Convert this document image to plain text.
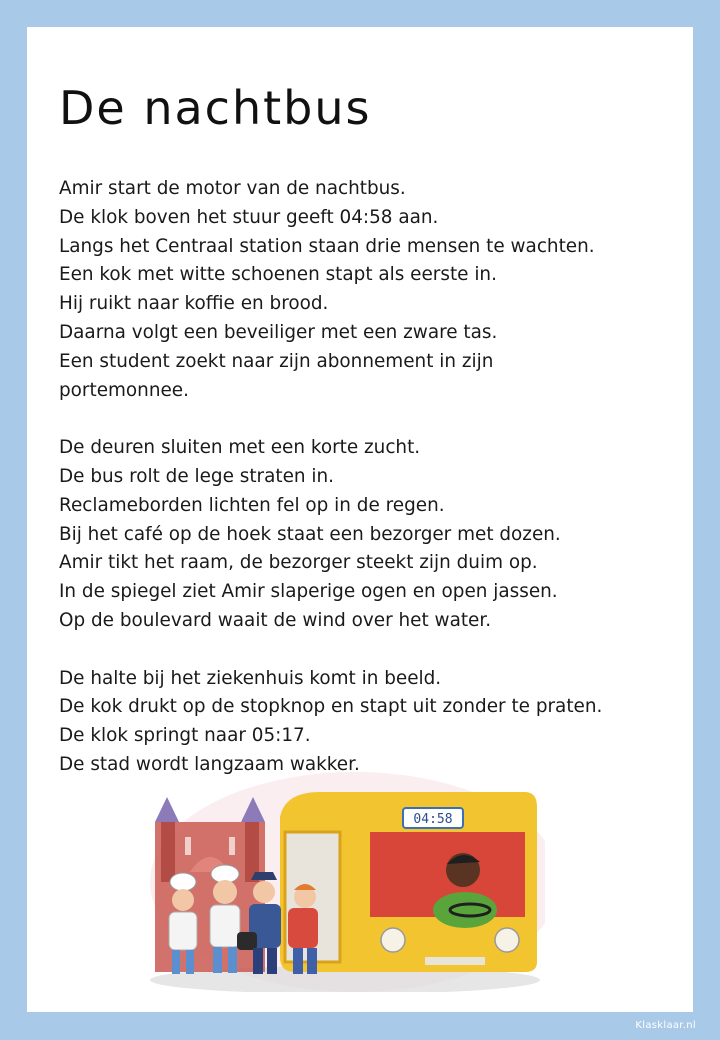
De nachtbus

Amir start de motor van de nachtbus.
De klok boven het stuur geeft 04:58 aan.
Langs het Centraal station staan drie mensen te wachten.
Een kok met witte schoenen stapt als eerste in.
Hij ruikt naar koffie en brood.
Daarna volgt een beveiliger met een zware tas.
Een student zoekt naar zijn abonnement in zijn
portemonnee.

De deuren sluiten met een korte zucht.
De bus rolt de lege straten in.
Reclameborden lichten fel op in de regen.
Bij het café op de hoek staat een bezorger met dozen.
Amir tikt het raam, de bezorger steekt zijn duim op.
In de spiegel ziet Amir slaperige ogen en open jassen.
Op de boulevard waait de wind over het water.

De halte bij het ziekenhuis komt in beeld.
De kok drukt op de stopknop en stapt uit zonder te praten.
De klok springt naar 05:17.
De stad wordt langzaam wakker.

04:58
Klasklaar.nl
